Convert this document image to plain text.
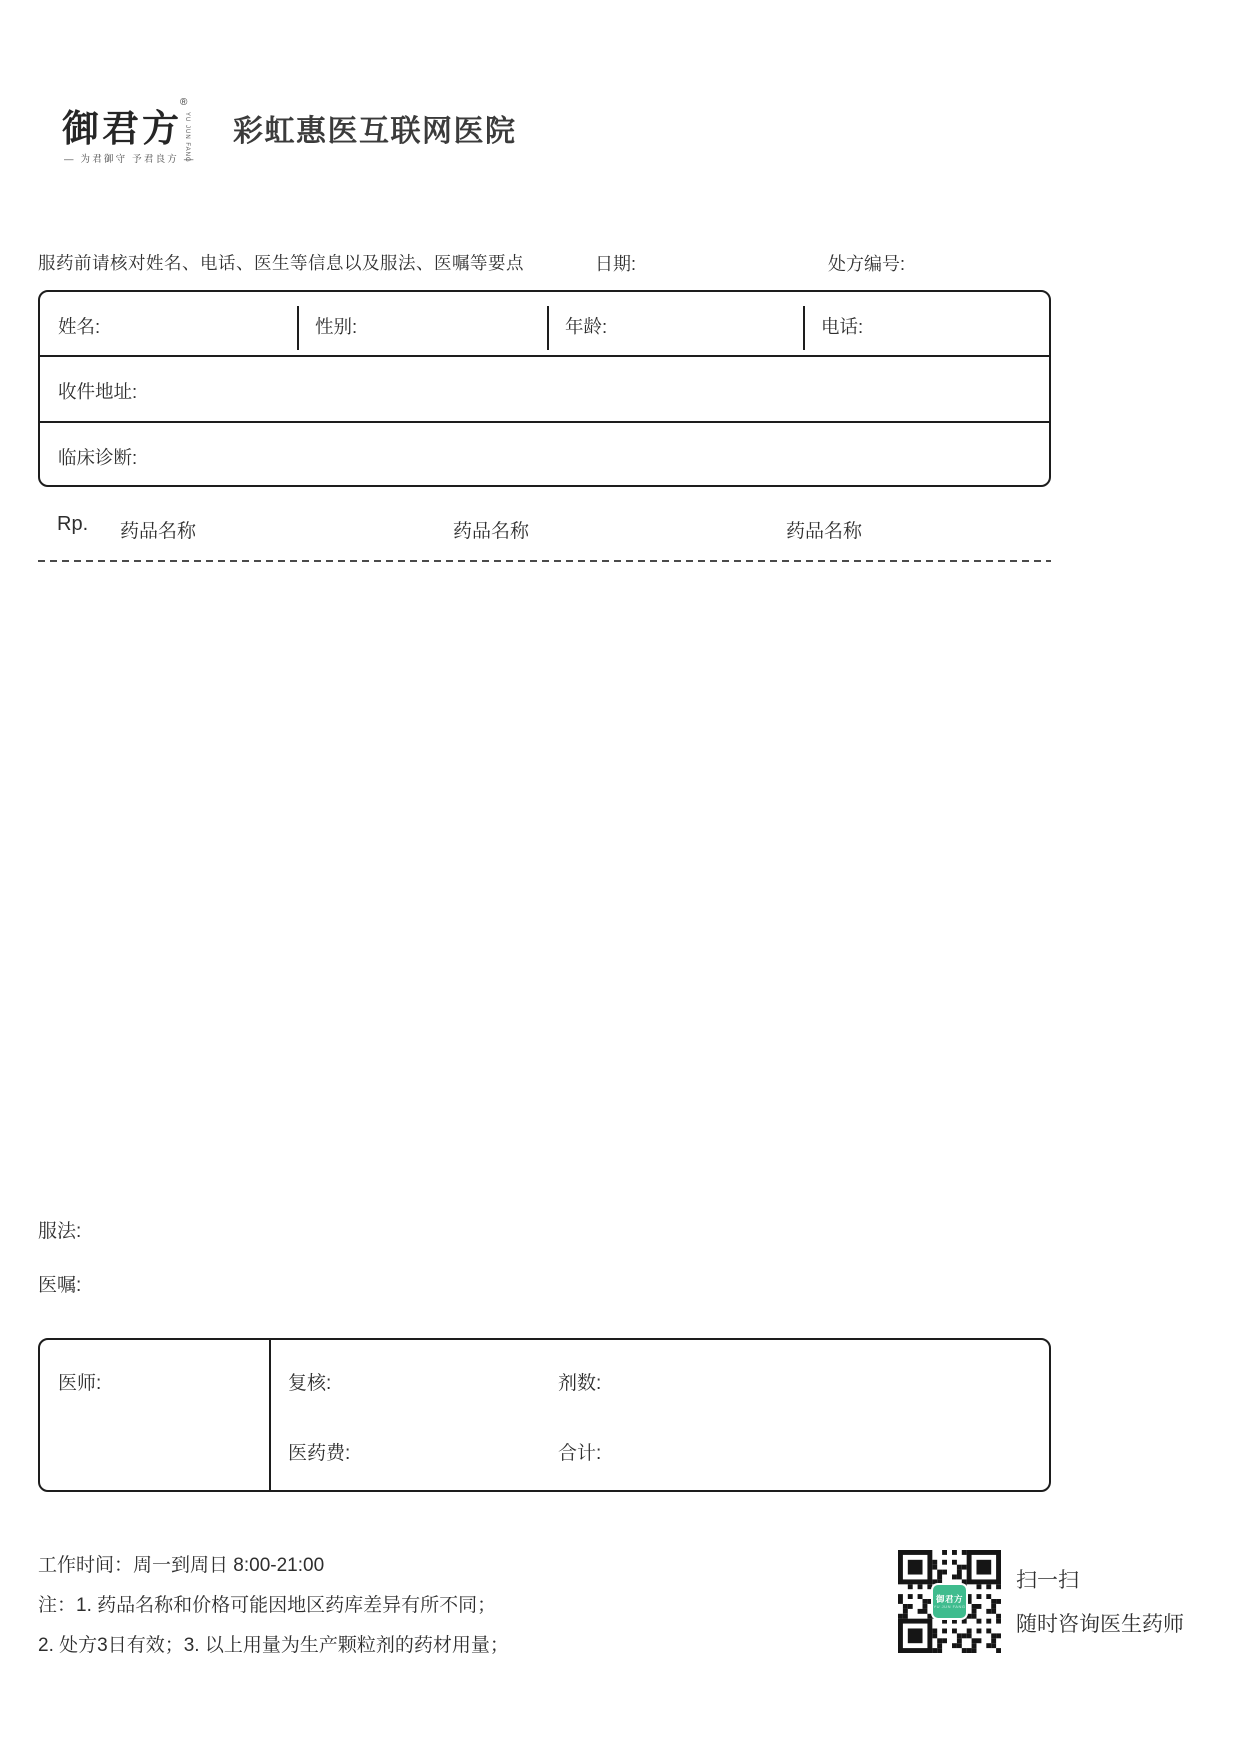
御君方
®
YU JUN FANG
— 为君御守 予君良方 —
彩虹惠医互联网医院
服药前请核对姓名、电话、医生等信息以及服法、医嘱等要点	日期:	处方编号:
姓名:	性别:	年龄:	电话:
收件地址:
临床诊断:
Rp. 药品名称	药品名称	药品名称
服法:
医嘱:
医师:	复核:	剂数:
医药费:	合计:
工作时间：周一到周日 8:00-21:00
注：1. 药品名称和价格可能因地区药库差异有所不同；
2. 处方3日有效；3. 以上用量为生产颗粒剂的药材用量；
御君方
YU JUN FANG
扫一扫
随时咨询医生药师
